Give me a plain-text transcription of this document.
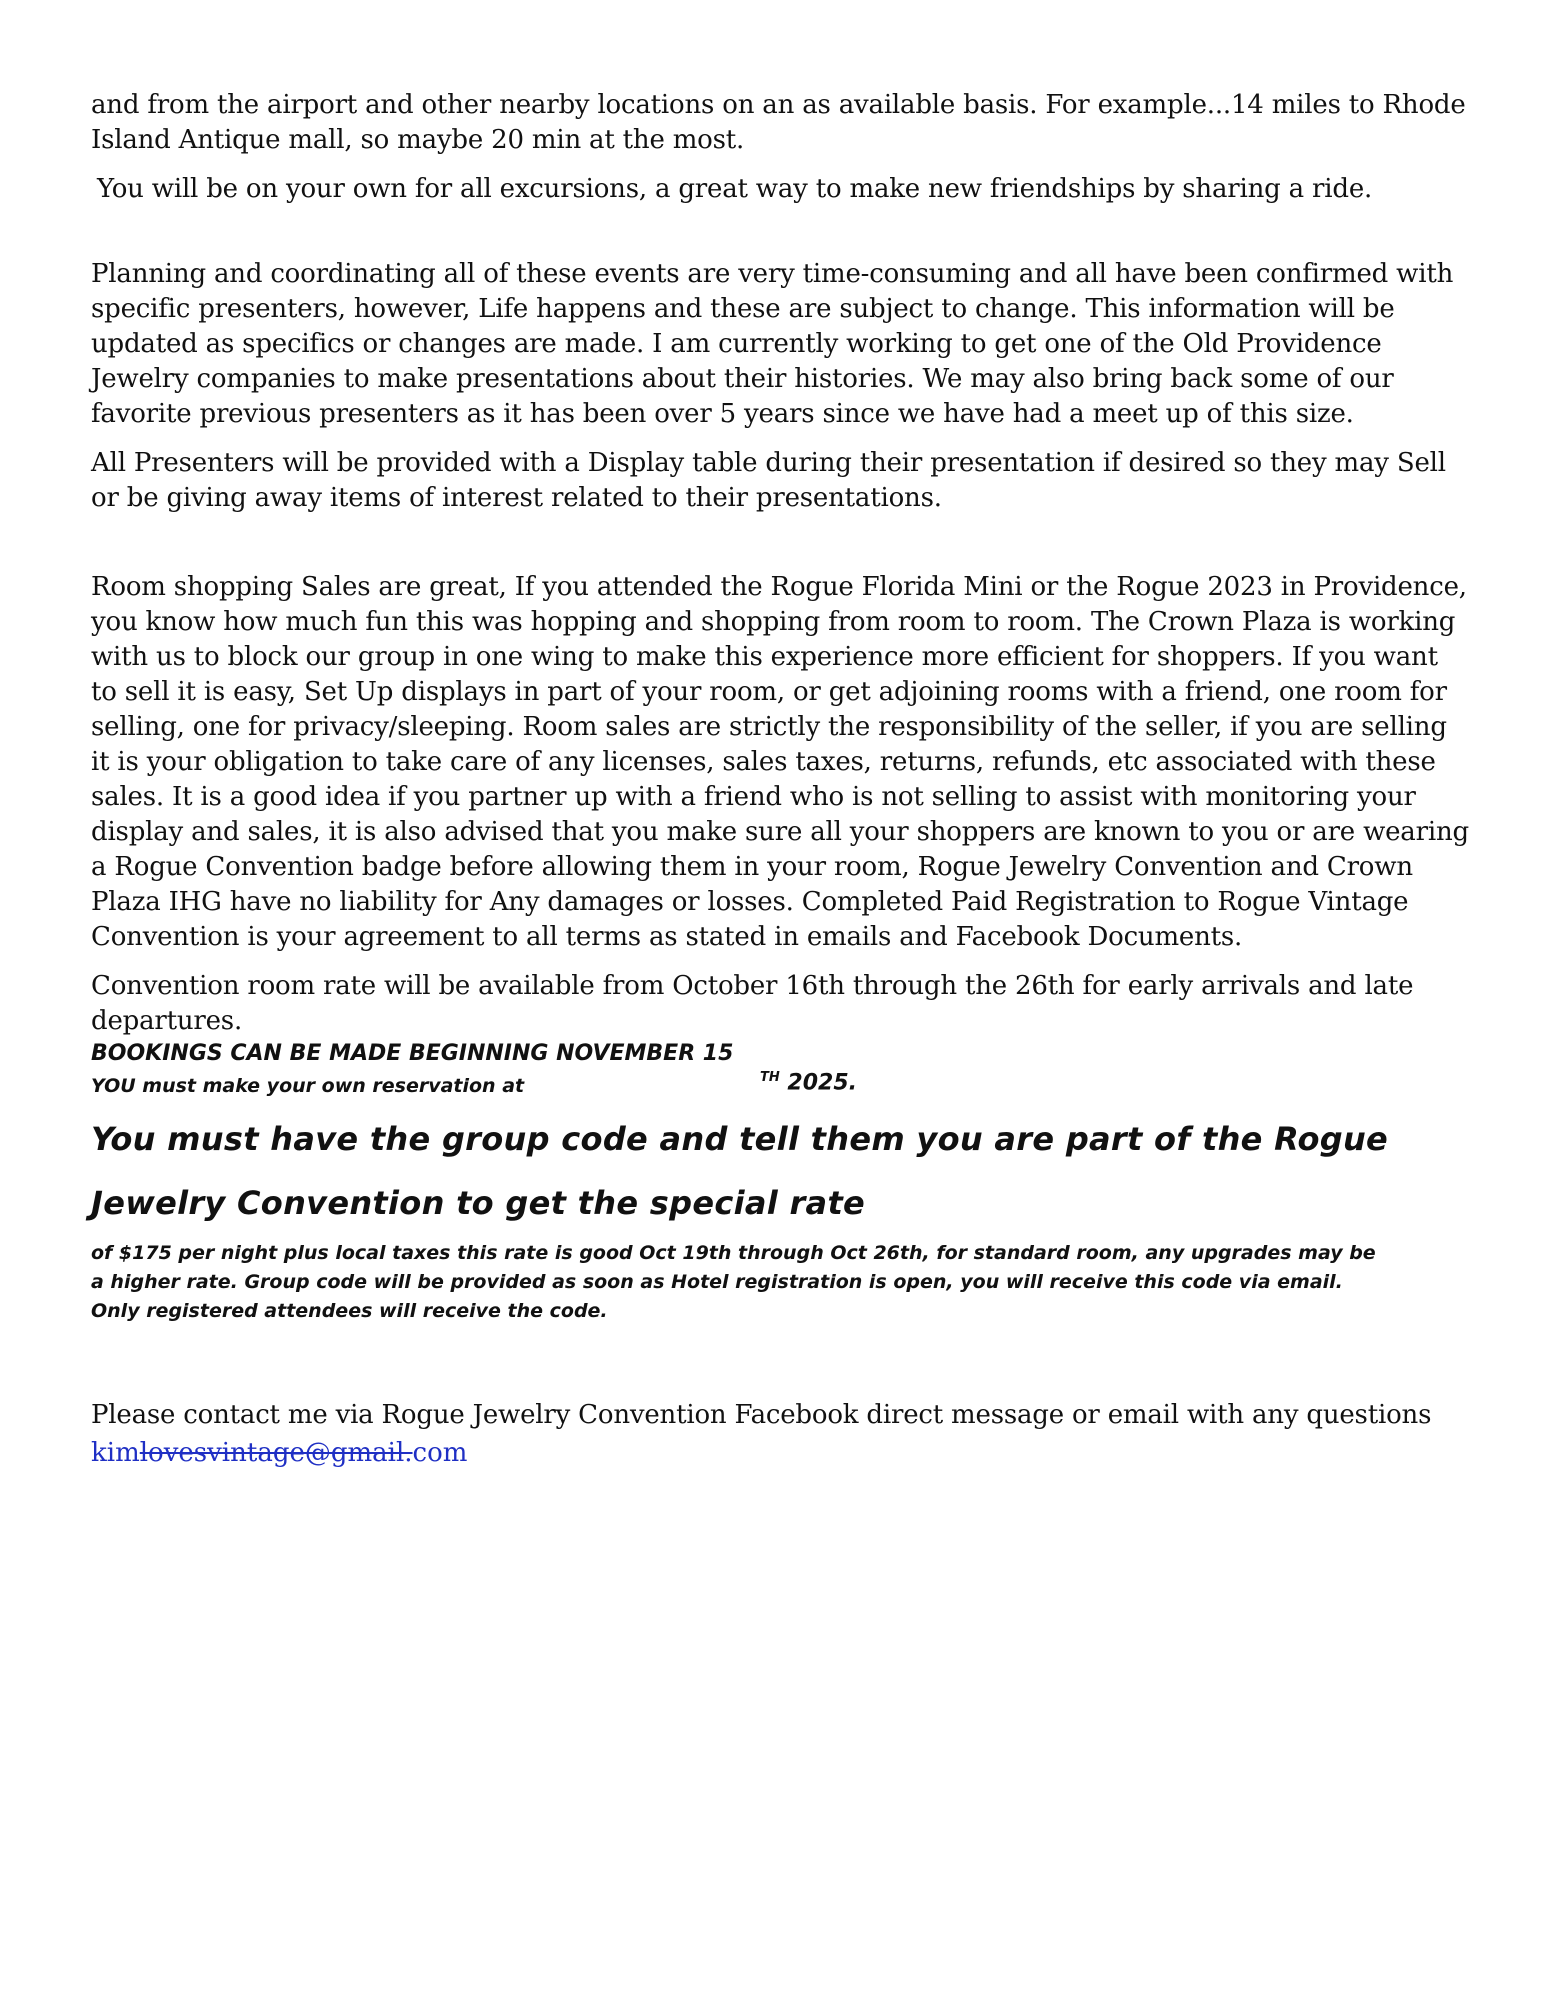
and from the airport and other nearby locations on an as available basis. For example...14 miles to Rhode Island Antique mall, so maybe 20 min at the most.

You will be on your own for all excursions, a great way to make new friendships by sharing a ride.

Planning and coordinating all of these events are very time-consuming and all have been confirmed with specific presenters, however, Life happens and these are subject to change. This information will be updated as specifics or changes are made. I am currently working to get one of the Old Providence Jewelry companies to make presentations about their histories. We may also bring back some of our favorite previous presenters as it has been over 5 years since we have had a meet up of this size.

All Presenters will be provided with a Display table during their presentation if desired so they may Sell or be giving away items of interest related to their presentations.

Room shopping Sales are great, If you attended the Rogue Florida Mini or the Rogue 2023 in Providence, you know how much fun this was hopping and shopping from room to room. The Crown Plaza is working with us to block our group in one wing to make this experience more efficient for shoppers. If you want to sell it is easy, Set Up displays in part of your room, or get adjoining rooms with a friend, one room for selling, one for privacy/sleeping. Room sales are strictly the responsibility of the seller, if you are selling it is your obligation to take care of any licenses, sales taxes, returns, refunds, etc associated with these sales. It is a good idea if you partner up with a friend who is not selling to assist with monitoring your display and sales, it is also advised that you make sure all your shoppers are known to you or are wearing a Rogue Convention badge before allowing them in your room, Rogue Jewelry Convention and Crown Plaza IHG have no liability for Any damages or losses. Completed Paid Registration to Rogue Vintage Convention is your agreement to all terms as stated in emails and Facebook Documents.

Convention room rate will be available from October 16th through the 26th for early arrivals and late departures.

BOOKINGS CAN BE MADE BEGINNING NOVEMBER 15

YOU must make your own reservation at	$^{TH}$ 2025.

You must have the group code and tell them you are part of the Rogue Jewelry Convention to get the special rate

of $175 per night plus local taxes this rate is good Oct 19th through Oct 26th, for standard room, any upgrades may be
a higher rate. Group code will be provided as soon as Hotel registration is open, you will receive this code via email.
Only registered attendees will receive the code.

Please contact me via Rogue Jewelry Convention Facebook direct message or email with any questions

kimlovesvintage@gmail.com
